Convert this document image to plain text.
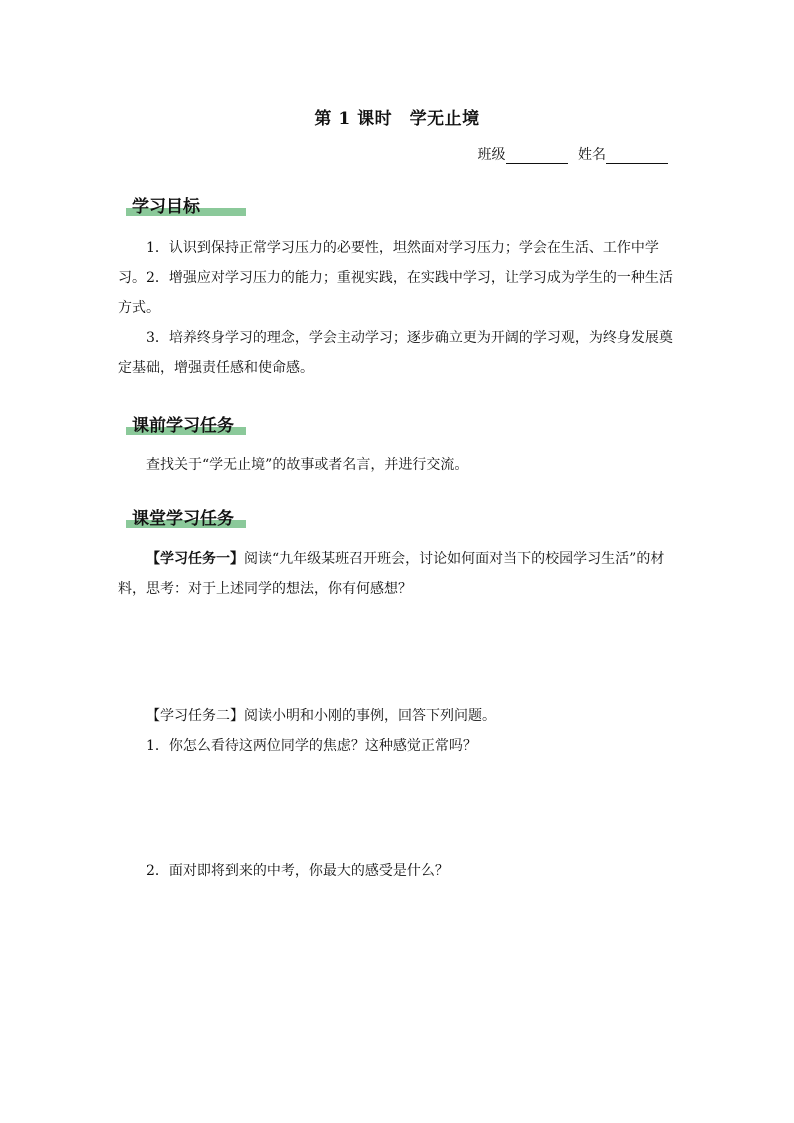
第 1 课时　学无止境
班级	姓名
学习目标
1．认识到保持正常学习压力的必要性，坦然面对学习压力；学会在生活、工作中学习。 2．增强应对学习压力的能力；重视实践，在实践中学习，让学习成为学生的一种生活方式。
3．培养终身学习的理念，学会主动学习；逐步确立更为开阔的学习观，为终身发展奠定基础，增强责任感和使命感。
课前学习任务
查找关于“学无止境”的故事或者名言，并进行交流。
课堂学习任务
【学习任务一】阅读“九年级某班召开班会，讨论如何面对当下的校园学习生活”的材料，思考：对于上述同学的想法，你有何感想？
【学习任务二】阅读小明和小刚的事例，回答下列问题。
1．你怎么看待这两位同学的焦虑？这种感觉正常吗？
2．面对即将到来的中考，你最大的感受是什么？
